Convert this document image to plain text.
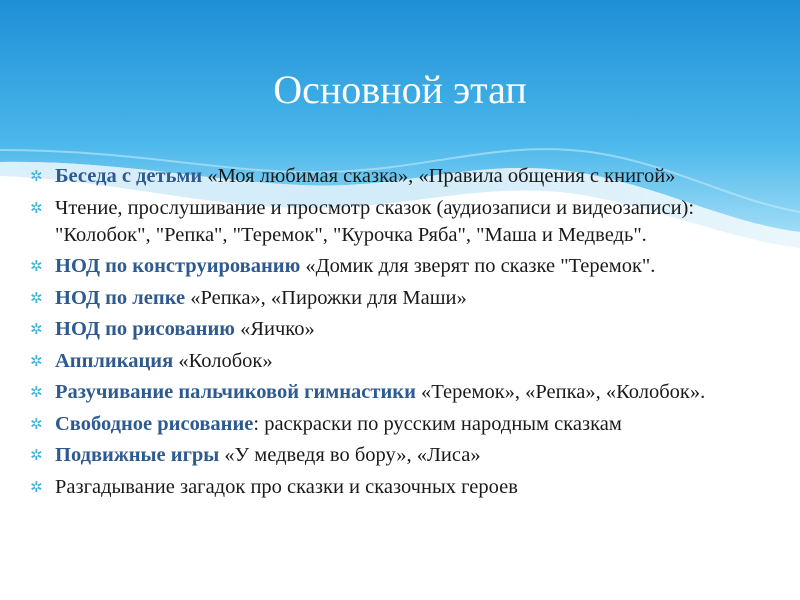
Основной этап
✲ Беседа с детьми «Моя любимая сказка», «Правила общения с книгой»
✲ Чтение, прослушивание и просмотр сказок (аудиозаписи и видеозаписи): "Колобок", "Репка", "Теремок", "Курочка Ряба", "Маша и Медведь".
✲ НОД по конструированию «Домик для зверят по сказке "Теремок".
✲ НОД по лепке «Репка», «Пирожки для Маши»
✲ НОД по рисованию «Яичко»
✲ Аппликация «Колобок»
✲ Разучивание пальчиковой гимнастики «Теремок», «Репка», «Колобок».
✲ Свободное рисование: раскраски по русским народным сказкам
✲ Подвижные игры «У медведя во бору», «Лиса»
✲ Разгадывание загадок про сказки и сказочных героев
